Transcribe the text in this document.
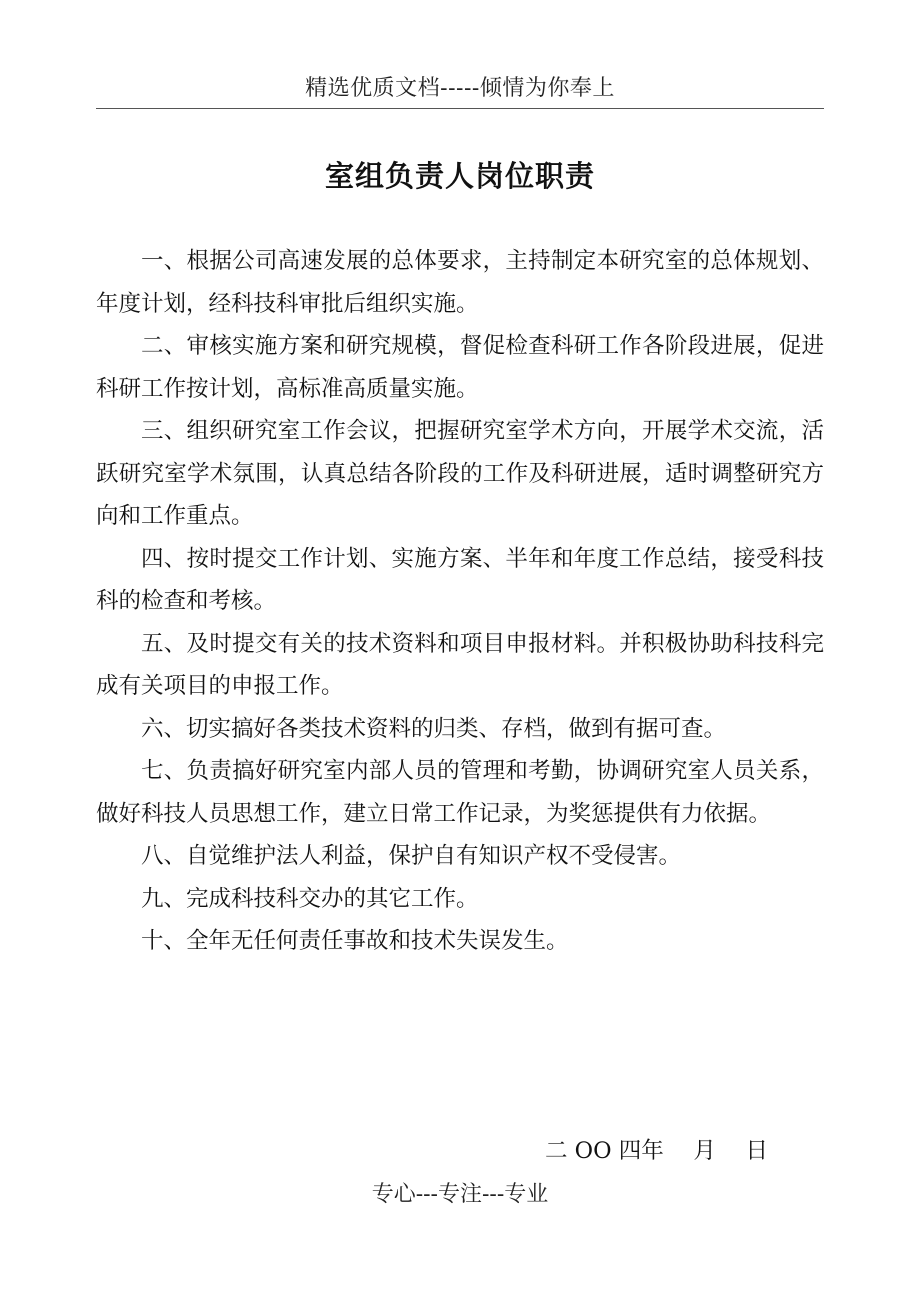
精选优质文档-----倾情为你奉上
室组负责人岗位职责

一、根据公司高速发展的总体要求，主持制定本研究室的总体规划、年度计划，经科技科审批后组织实施。

二、审核实施方案和研究规模，督促检查科研工作各阶段进展，促进科研工作按计划，高标准高质量实施。

三、组织研究室工作会议，把握研究室学术方向，开展学术交流，活跃研究室学术氛围，认真总结各阶段的工作及科研进展，适时调整研究方向和工作重点。

四、按时提交工作计划、实施方案、半年和年度工作总结，接受科技科的检查和考核。

五、及时提交有关的技术资料和项目申报材料。并积极协助科技科完成有关项目的申报工作。

六、切实搞好各类技术资料的归类、存档，做到有据可查。

七、负责搞好研究室内部人员的管理和考勤，协调研究室人员关系，做好科技人员思想工作，建立日常工作记录，为奖惩提供有力依据。

八、自觉维护法人利益，保护自有知识产权不受侵害。

九、完成科技科交办的其它工作。

十、全年无任何责任事故和技术失误发生。

二 OO 四年　 月　 日
专心---专注---专业
